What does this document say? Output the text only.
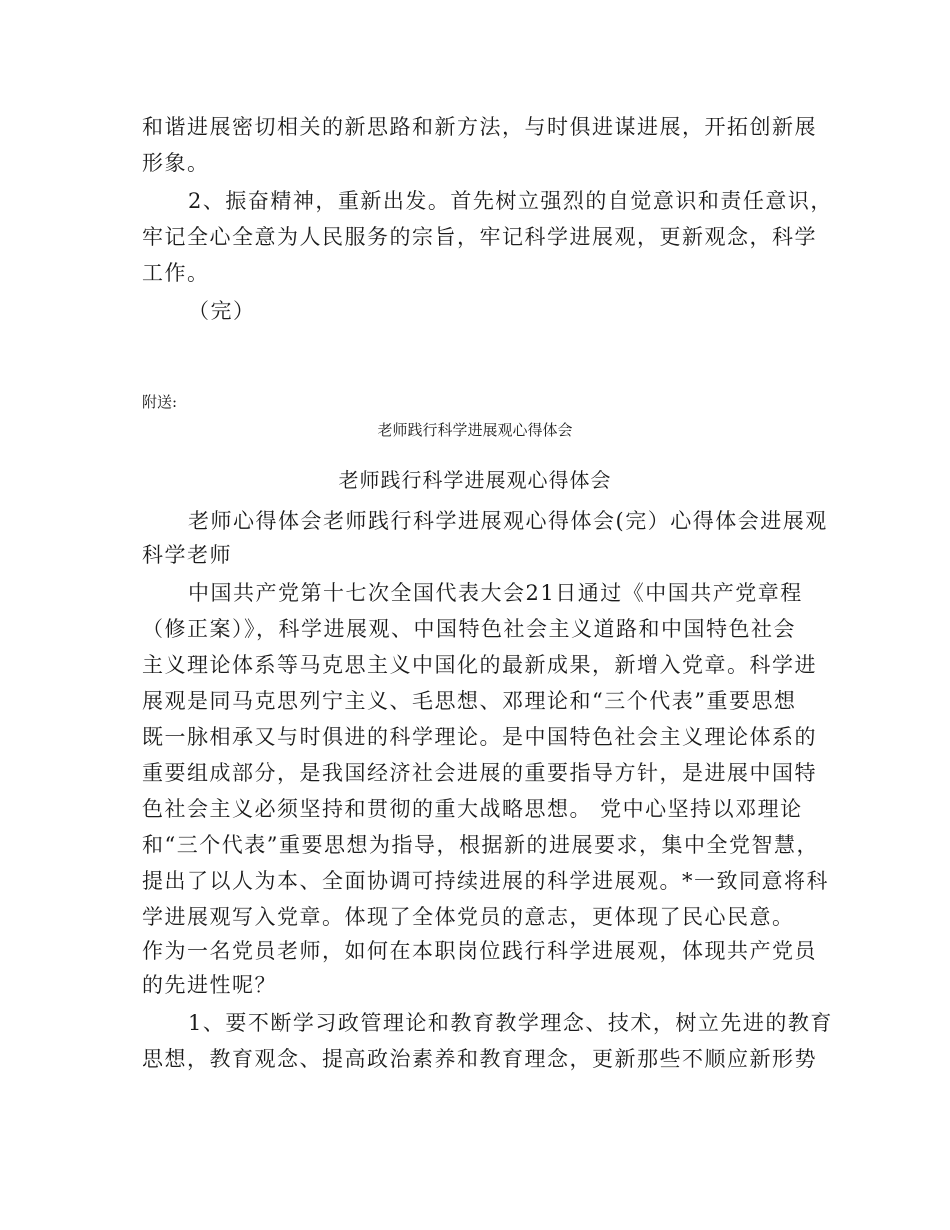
和谐进展密切相关的新思路和新方法，与时俱进谋进展，开拓创新展
形象。
2、振奋精神，重新出发。首先树立强烈的自觉意识和责任意识，
牢记全心全意为人民服务的宗旨，牢记科学进展观，更新观念，科学
工作。
（完）
附送:
老师践行科学进展观心得体会
老师践行科学进展观心得体会
老师心得体会老师践行科学进展观心得体会(完）心得体会进展观
科学老师
中国共产党第十七次全国代表大会21日通过《中国共产党章程
（修正案）》，科学进展观、中国特色社会主义道路和中国特色社会
主义理论体系等马克思主义中国化的最新成果，新增入党章。科学进
展观是同马克思列宁主义、毛思想、邓理论和“三个代表”重要思想
既一脉相承又与时俱进的科学理论。是中国特色社会主义理论体系的
重要组成部分，是我国经济社会进展的重要指导方针，是进展中国特
色社会主义必须坚持和贯彻的重大战略思想。 党中心坚持以邓理论
和“三个代表”重要思想为指导，根据新的进展要求，集中全党智慧，
提出了以人为本、全面协调可持续进展的科学进展观。*一致同意将科
学进展观写入党章。体现了全体党员的意志，更体现了民心民意。
作为一名党员老师，如何在本职岗位践行科学进展观，体现共产党员
的先进性呢？
1、要不断学习政管理论和教育教学理念、技术，树立先进的教育
思想，教育观念、提高政治素养和教育理念，更新那些不顺应新形势
